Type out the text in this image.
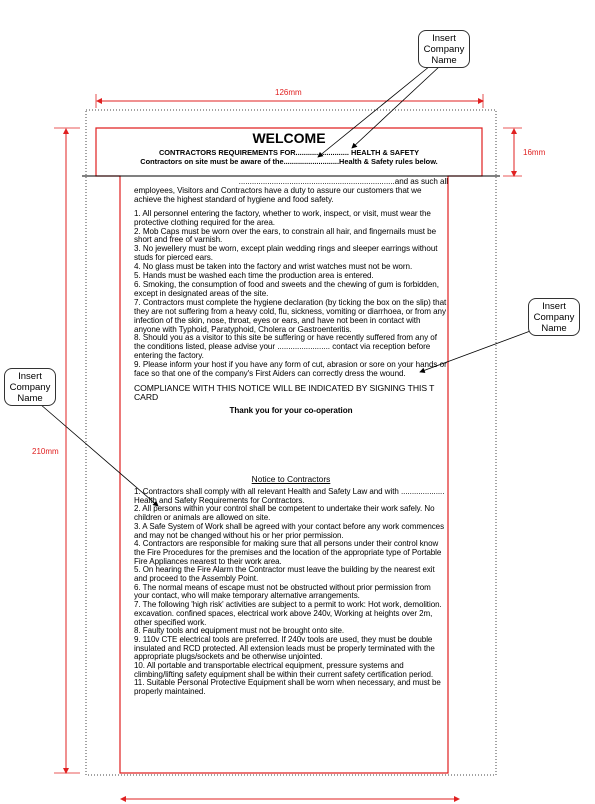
126mm
16mm
210mm
Insert Company Name
Insert Company Name
Insert Company Name
WELCOME
CONTRACTORS REQUIREMENTS FOR.......................... HEALTH & SAFETY
Contractors on site must be aware of the...........................Health & Safety rules below.

.......................................................................and as such all

employees, Visitors and Contractors have a duty to assure our customers that we achieve the highest standard of hygiene and food safety.

1. All personnel entering the factory, whether to work, inspect, or visit, must wear the protective clothing required for the area.

2. Mob Caps must be worn over the ears, to constrain all hair, and fingernails must be short and free of varnish.

3. No jewellery must be worn, except plain wedding rings and sleeper earrings without studs for pierced ears.

4. No glass must be taken into the factory and wrist watches must not be worn.

5. Hands must be washed each time the production area is entered.

6. Smoking, the consumption of food and sweets and the chewing of gum is forbidden, except in designated areas of the site.

7. Contractors must complete the hygiene declaration (by ticking the box on the slip) that they are not suffering from a heavy cold, flu, sickness, vomiting or diarrhoea, or from any infection of the skin, nose, throat, eyes or ears, and have not been in contact with anyone with Typhoid, Paratyphoid, Cholera or Gastroenteritis.

8. Should you as a visitor to this site be suffering or have recently suffered from any of the conditions listed, please advise your ........................ contact via reception before entering the factory.

9. Please inform your host if you have any form of cut, abrasion or sore on your hands or face so that one of the company's First Aiders can correctly dress the wound.

COMPLIANCE WITH THIS NOTICE WILL BE INDICATED BY SIGNING THIS T CARD

Thank you for your co-operation

Notice to Contractors

1. Contractors shall comply with all relevant Health and Safety Law and with .................... Health and Safety Requirements for Contractors.

2. All persons within your control shall be competent to undertake their work safely. No children or animals are allowed on site.

3. A Safe System of Work shall be agreed with your contact before any work commences and may not be changed without his or her prior permission.

4. Contractors are responsible for making sure that all persons under their control know the Fire Procedures for the premises and the location of the appropriate type of Portable Fire Appliances nearest to their work area.

5. On hearing the Fire Alarm the Contractor must leave the building by the nearest exit and proceed to the Assembly Point.

6. The normal means of escape must not be obstructed without prior permission from your contact, who will make temporary alternative arrangements.

7. The following 'high risk' activities are subject to a permit to work: Hot work, demolition. excavation. confined spaces, electrical work above 240v, Working at heights over 2m, other specified work.

8. Faulty tools and equipment must not be brought onto site.

9. 110v CTE electrical tools are preferred. If 240v tools are used, they must be double insulated and RCD protected. All extension leads must be properly terminated with the appropriate plugs/sockets and be otherwise unjointed.

10. All portable and transportable electrical equipment, pressure systems and climbing/lifting safety equipment shall be within their current safety certification period.

11. Suitable Personal Protective Equipment shall be worn when necessary, and must be properly maintained.
